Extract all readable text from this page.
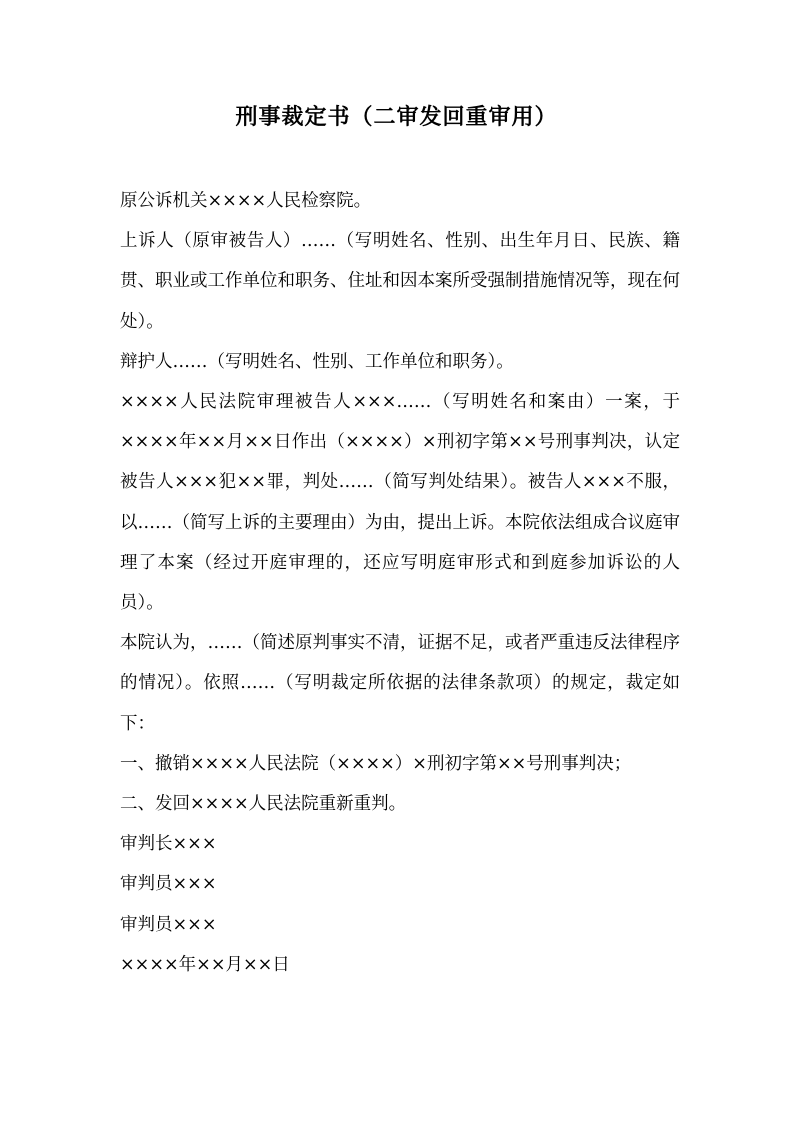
刑事裁定书（二审发回重审用）

原公诉机关××××人民检察院。

上诉人（原审被告人）……（写明姓名、性别、出生年月日、民族、籍贯、职业或工作单位和职务、住址和因本案所受强制措施情况等，现在何处）。

辩护人……（写明姓名、性别、工作单位和职务）。

××××人民法院审理被告人×××……（写明姓名和案由）一案，于××××年××月××日作出（××××）×刑初字第××号刑事判决，认定被告人×××犯××罪，判处……（简写判处结果）。被告人×××不服，以……（简写上诉的主要理由）为由，提出上诉。本院依法组成合议庭审理了本案（经过开庭审理的，还应写明庭审形式和到庭参加诉讼的人员）。

本院认为，……（简述原判事实不清，证据不足，或者严重违反法律程序的情况）。依照……（写明裁定所依据的法律条款项）的规定，裁定如下：

一、撤销××××人民法院（××××）×刑初字第××号刑事判决；

二、发回××××人民法院重新重判。

审判长×××

审判员×××

审判员×××

××××年××月××日
